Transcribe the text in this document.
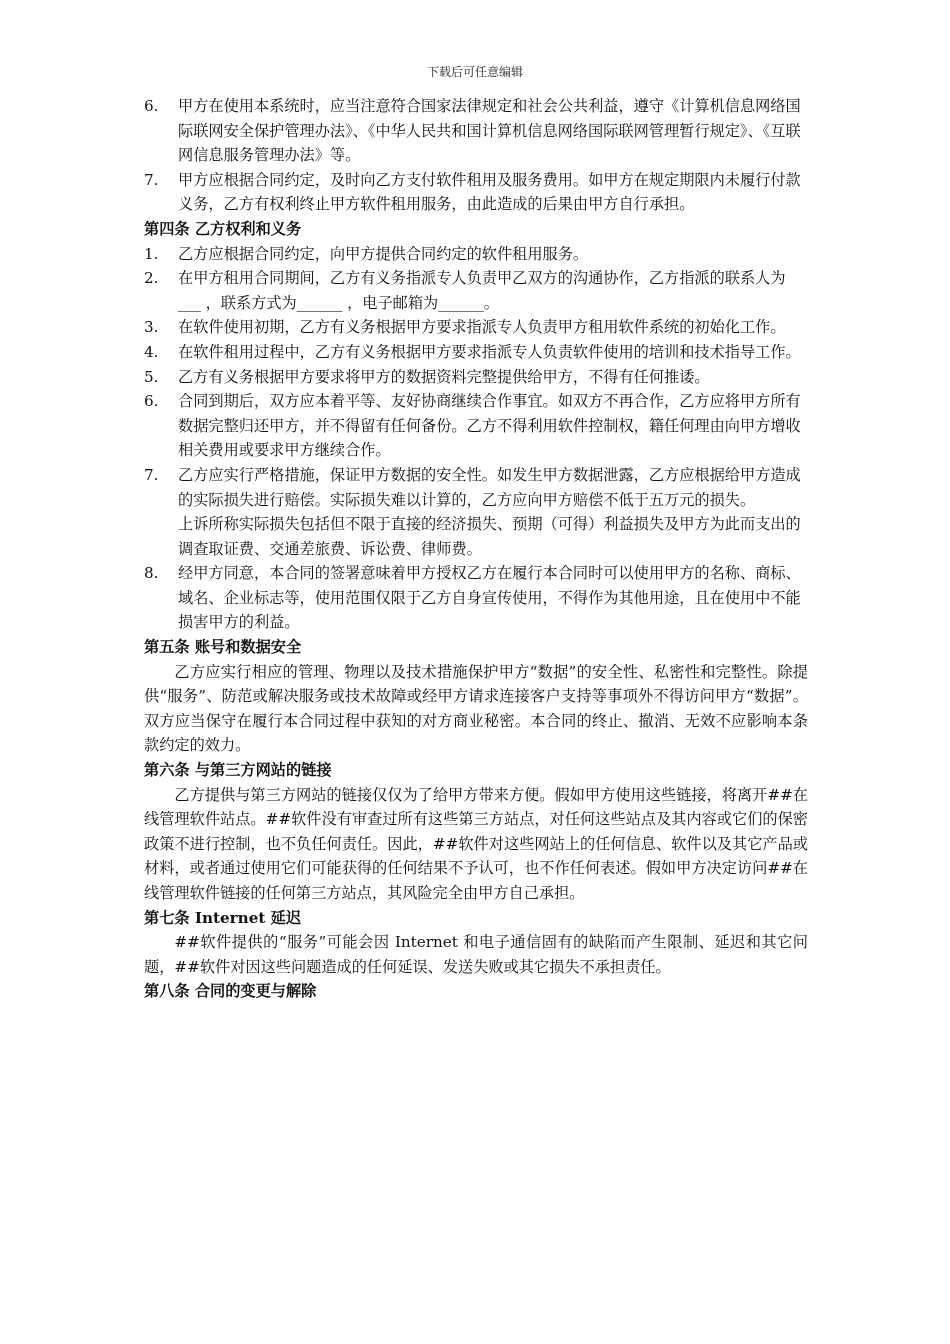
下载后可任意编辑
6. 甲方在使用本系统时，应当注意符合国家法律规定和社会公共利益，遵守《计算机信息网络国际联网安全保护管理办法》、《中华人民共和国计算机信息网络国际联网管理暂行规定》、《互联网信息服务管理办法》等。
7. 甲方应根据合同约定，及时向乙方支付软件租用及服务费用。如甲方在规定期限内未履行付款义务，乙方有权利终止甲方软件租用服务，由此造成的后果由甲方自行承担。
第四条 乙方权利和义务
1. 乙方应根据合同约定，向甲方提供合同约定的软件租用服务。
2. 在甲方租用合同期间，乙方有义务指派专人负责甲乙双方的沟通协作，乙方指派的联系人为 ___ ，联系方式为______ ，电子邮箱为______。
3. 在软件使用初期，乙方有义务根据甲方要求指派专人负责甲方租用软件系统的初始化工作。
4. 在软件租用过程中，乙方有义务根据甲方要求指派专人负责软件使用的培训和技术指导工作。
5. 乙方有义务根据甲方要求将甲方的数据资料完整提供给甲方，不得有任何推诿。
6. 合同到期后，双方应本着平等、友好协商继续合作事宜。如双方不再合作，乙方应将甲方所有数据完整归还甲方，并不得留有任何备份。乙方不得利用软件控制权，籍任何理由向甲方增收相关费用或要求甲方继续合作。
7. 乙方应实行严格措施，保证甲方数据的安全性。如发生甲方数据泄露，乙方应根据给甲方造成的实际损失进行赔偿。实际损失难以计算的，乙方应向甲方赔偿不低于五万元的损失。
上诉所称实际损失包括但不限于直接的经济损失、预期（可得）利益损失及甲方为此而支出的调查取证费、交通差旅费、诉讼费、律师费。
8. 经甲方同意，本合同的签署意味着甲方授权乙方在履行本合同时可以使用甲方的名称、商标、域名、企业标志等，使用范围仅限于乙方自身宣传使用，不得作为其他用途，且在使用中不能损害甲方的利益。
第五条 账号和数据安全

乙方应实行相应的管理、物理以及技术措施保护甲方“数据”的安全性、私密性和完整性。除提供“服务”、防范或解决服务或技术故障或经甲方请求连接客户支持等事项外不得访问甲方“数据”。双方应当保守在履行本合同过程中获知的对方商业秘密。本合同的终止、撤消、无效不应影响本条款约定的效力。

第六条 与第三方网站的链接

乙方提供与第三方网站的链接仅仅为了给甲方带来方便。假如甲方使用这些链接，将离开##在线管理软件站点。##软件没有审查过所有这些第三方站点，对任何这些站点及其内容或它们的保密政策不进行控制，也不负任何责任。因此，##软件对这些网站上的任何信息、软件以及其它产品或材料，或者通过使用它们可能获得的任何结果不予认可，也不作任何表述。假如甲方决定访问##在线管理软件链接的任何第三方站点，其风险完全由甲方自己承担。

第七条 Internet 延迟

##软件提供的“服务”可能会因 Internet 和电子通信固有的缺陷而产生限制、延迟和其它问题，##软件对因这些问题造成的任何延误、发送失败或其它损失不承担责任。

第八条 合同的变更与解除
